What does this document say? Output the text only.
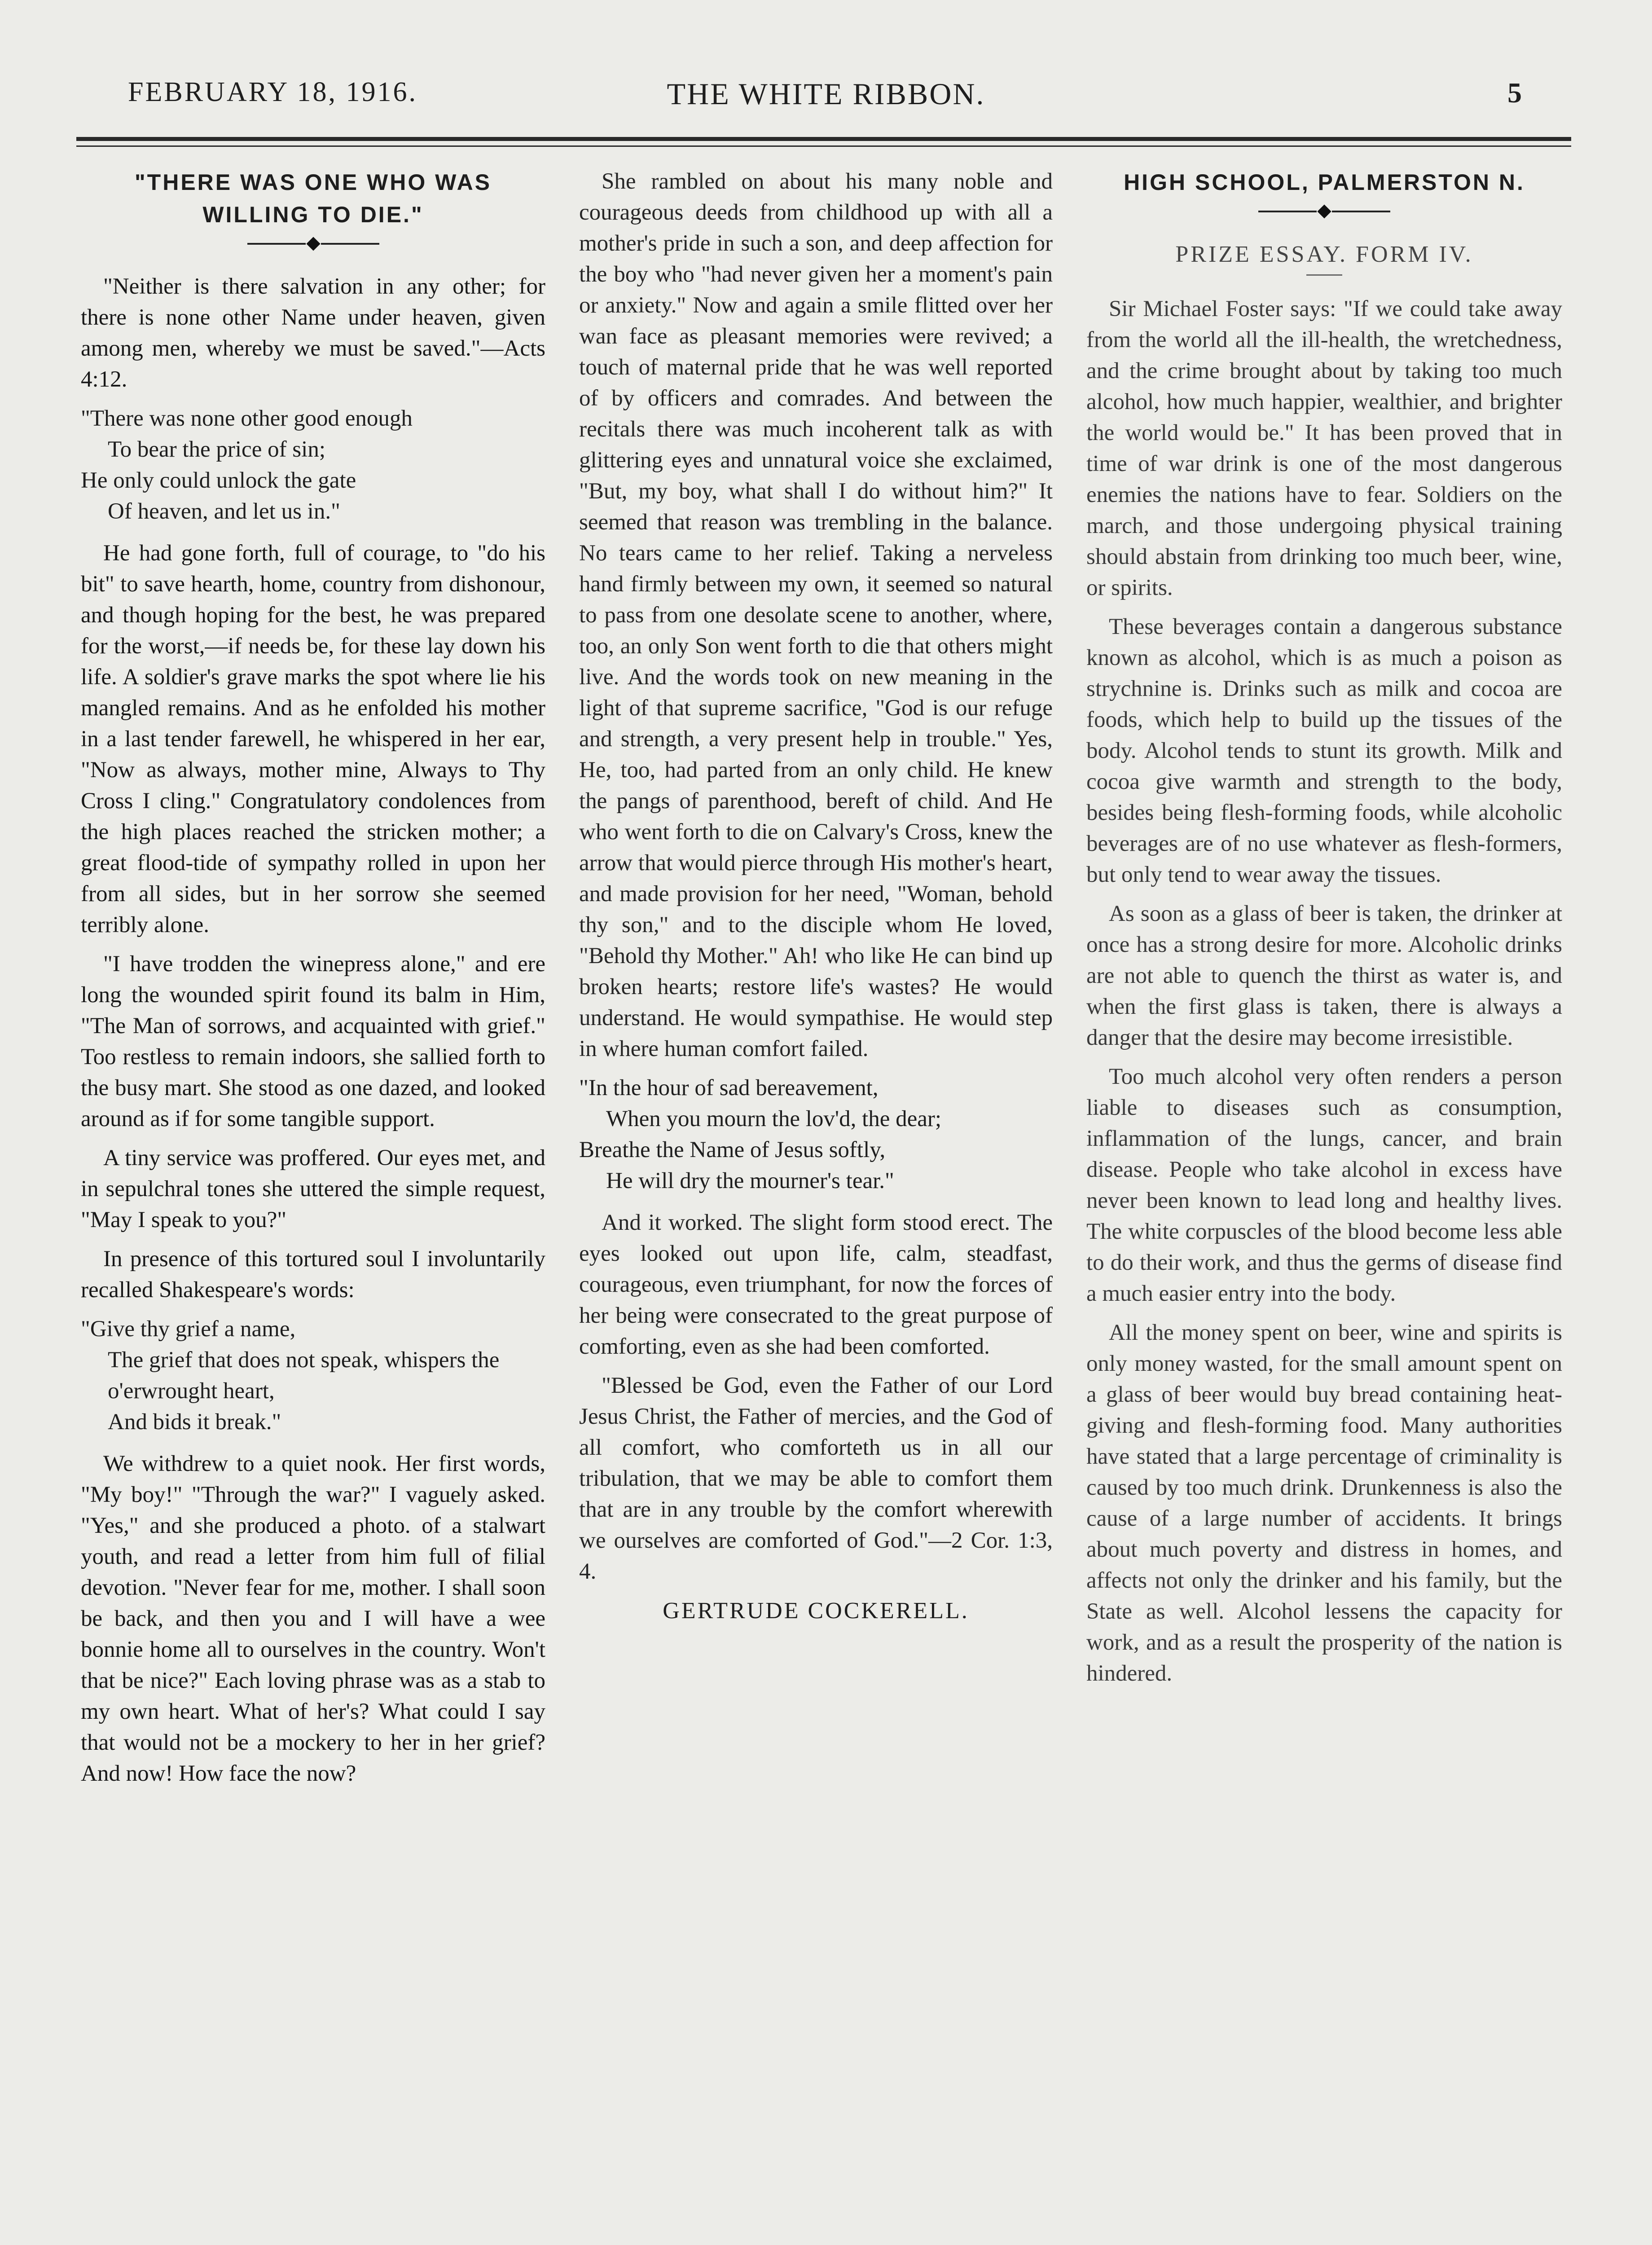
FEBRUARY 18, 1916.	THE WHITE RIBBON.	5
"THERE WAS ONE WHO WAS WILLING TO DIE."

"Neither is there salvation in any other; for there is none other Name under heaven, given among men, whereby we must be saved."—Acts 4:12.

"There was none other good enough
To bear the price of sin;
He only could unlock the gate
Of heaven, and let us in."

He had gone forth, full of courage, to "do his bit" to save hearth, home, country from dishonour, and though hoping for the best, he was prepared for the worst,—if needs be, for these lay down his life. A soldier's grave marks the spot where lie his mangled remains. And as he enfolded his mother in a last tender farewell, he whispered in her ear, "Now as always, mother mine, Always to Thy Cross I cling." Congratulatory condolences from the high places reached the stricken mother; a great flood-tide of sympathy rolled in upon her from all sides, but in her sorrow she seemed terribly alone.

"I have trodden the winepress alone," and ere long the wounded spirit found its balm in Him, "The Man of sorrows, and acquainted with grief." Too restless to remain indoors, she sallied forth to the busy mart. She stood as one dazed, and looked around as if for some tangible support.

A tiny service was proffered. Our eyes met, and in sepulchral tones she uttered the simple request, "May I speak to you?"

In presence of this tortured soul I involuntarily recalled Shakespeare's words:

"Give thy grief a name,
The grief that does not speak, whispers the o'erwrought heart,
And bids it break."

We withdrew to a quiet nook. Her first words, "My boy!" "Through the war?" I vaguely asked. "Yes," and she produced a photo. of a stalwart youth, and read a letter from him full of filial devotion. "Never fear for me, mother. I shall soon be back, and then you and I will have a wee bonnie home all to ourselves in the country. Won't that be nice?" Each loving phrase was as a stab to my own heart. What of her's? What could I say that would not be a mockery to her in her grief? And now! How face the now?

She rambled on about his many noble and courageous deeds from childhood up with all a mother's pride in such a son, and deep affection for the boy who "had never given her a moment's pain or anxiety." Now and again a smile flitted over her wan face as pleasant memories were revived; a touch of maternal pride that he was well reported of by officers and comrades. And between the recitals there was much incoherent talk as with glittering eyes and unnatural voice she exclaimed, "But, my boy, what shall I do without him?" It seemed that reason was trembling in the balance. No tears came to her relief. Taking a nerveless hand firmly between my own, it seemed so natural to pass from one desolate scene to another, where, too, an only Son went forth to die that others might live. And the words took on new meaning in the light of that supreme sacrifice, "God is our refuge and strength, a very present help in trouble." Yes, He, too, had parted from an only child. He knew the pangs of parenthood, bereft of child. And He who went forth to die on Calvary's Cross, knew the arrow that would pierce through His mother's heart, and made provision for her need, "Woman, behold thy son," and to the disciple whom He loved, "Behold thy Mother." Ah! who like He can bind up broken hearts; restore life's wastes? He would understand. He would sympathise. He would step in where human comfort failed.

"In the hour of sad bereavement,
When you mourn the lov'd, the dear;
Breathe the Name of Jesus softly,
He will dry the mourner's tear."

And it worked. The slight form stood erect. The eyes looked out upon life, calm, steadfast, courageous, even triumphant, for now the forces of her being were consecrated to the great purpose of comforting, even as she had been comforted.

"Blessed be God, even the Father of our Lord Jesus Christ, the Father of mercies, and the God of all comfort, who comforteth us in all our tribulation, that we may be able to comfort them that are in any trouble by the comfort wherewith we ourselves are comforted of God."—2 Cor. 1:3, 4.

GERTRUDE COCKERELL.
HIGH SCHOOL, PALMERSTON N.
PRIZE ESSAY. FORM IV.

Sir Michael Foster says: "If we could take away from the world all the ill-health, the wretchedness, and the crime brought about by taking too much alcohol, how much happier, wealthier, and brighter the world would be." It has been proved that in time of war drink is one of the most dangerous enemies the nations have to fear. Soldiers on the march, and those undergoing physical training should abstain from drinking too much beer, wine, or spirits.

These beverages contain a dangerous substance known as alcohol, which is as much a poison as strychnine is. Drinks such as milk and cocoa are foods, which help to build up the tissues of the body. Alcohol tends to stunt its growth. Milk and cocoa give warmth and strength to the body, besides being flesh-forming foods, while alcoholic beverages are of no use whatever as flesh-formers, but only tend to wear away the tissues.

As soon as a glass of beer is taken, the drinker at once has a strong desire for more. Alcoholic drinks are not able to quench the thirst as water is, and when the first glass is taken, there is always a danger that the desire may become irresistible.

Too much alcohol very often renders a person liable to diseases such as consumption, inflammation of the lungs, cancer, and brain disease. People who take alcohol in excess have never been known to lead long and healthy lives. The white corpuscles of the blood become less able to do their work, and thus the germs of disease find a much easier entry into the body.

All the money spent on beer, wine and spirits is only money wasted, for the small amount spent on a glass of beer would buy bread containing heat-giving and flesh-forming food. Many authorities have stated that a large percentage of criminality is caused by too much drink. Drunkenness is also the cause of a large number of accidents. It brings about much poverty and distress in homes, and affects not only the drinker and his family, but the State as well. Alcohol lessens the capacity for work, and as a result the prosperity of the nation is hindered.
